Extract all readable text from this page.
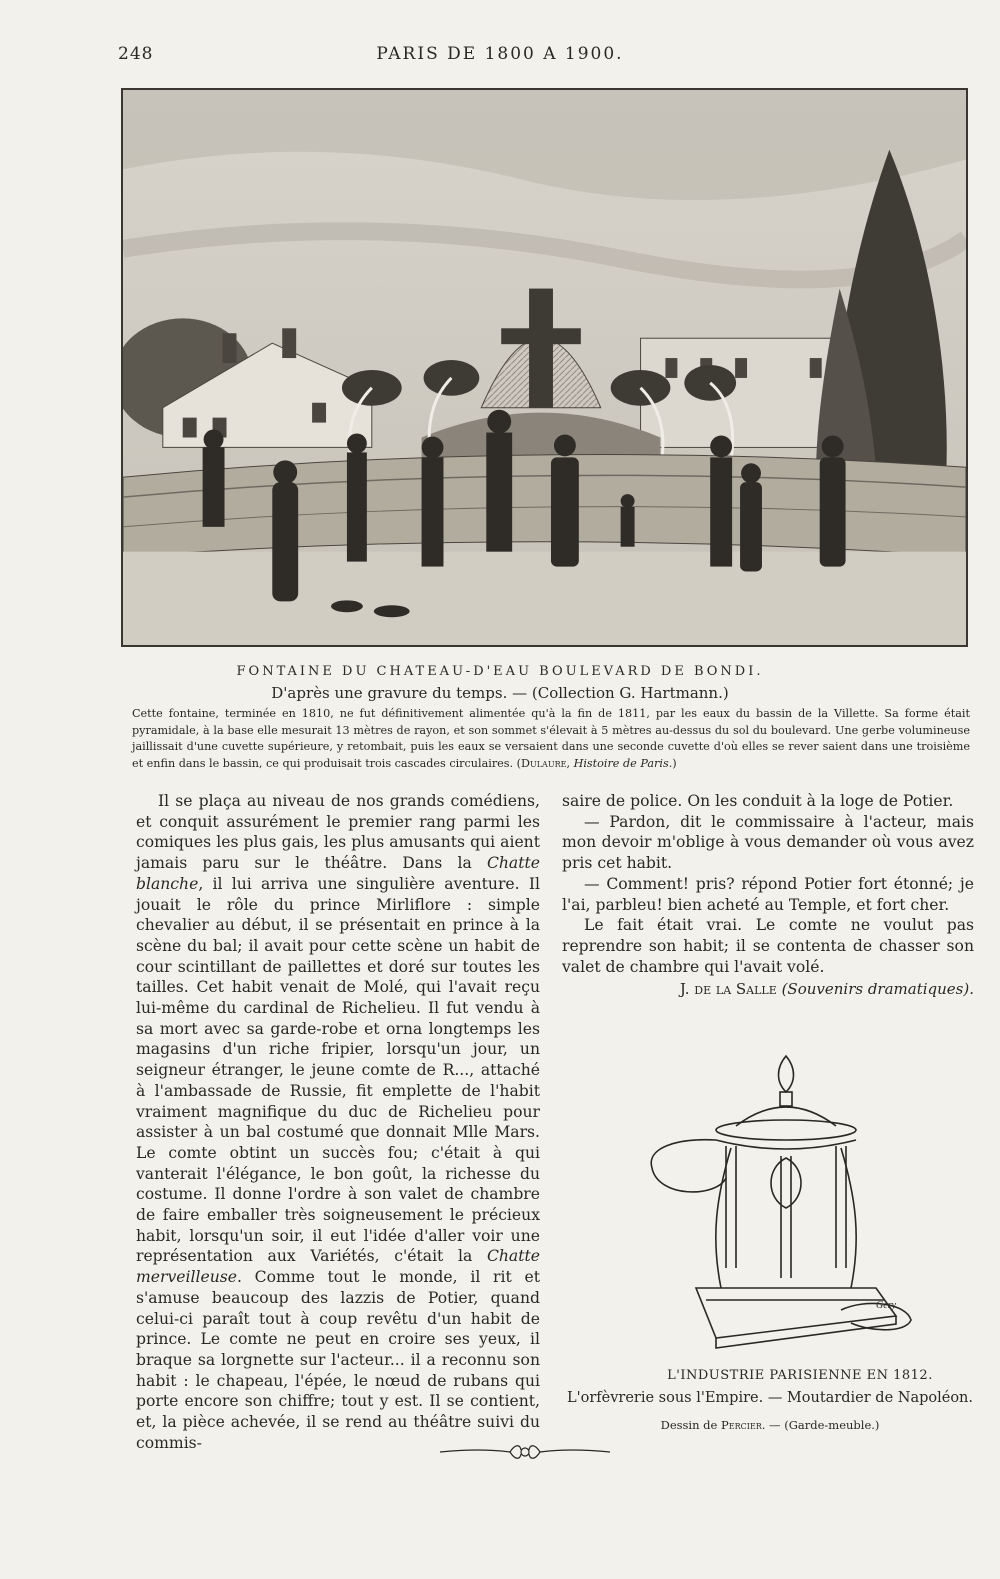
248	PARIS DE 1800 A 1900.
FONTAINE DU CHATEAU-D'EAU BOULEVARD DE BONDI.
D'après une gravure du temps. — (Collection G. Hartmann.)
Cette fontaine, terminée en 1810, ne fut définitivement alimentée qu'à la fin de 1811, par les eaux du bassin de la Villette. Sa forme était pyramidale, à la base elle mesurait 13 mètres de rayon, et son sommet s'élevait à 5 mètres au-dessus du sol du boulevard. Une gerbe volumineuse jaillissait d'une cuvette supérieure, y retombait, puis les eaux se versaient dans une seconde cuvette d'où elles se rever saient dans une troisième et enfin dans le bassin, ce qui produisait trois cascades circulaires. (Dulaure, Histoire de Paris.)

Il se plaça au niveau de nos grands comédiens, et conquit assurément le premier rang parmi les comiques les plus gais, les plus amusants qui aient jamais paru sur le théâtre. Dans la Chatte blanche, il lui arriva une singulière aventure. Il jouait le rôle du prince Mirliflore : simple chevalier au début, il se présentait en prince à la scène du bal; il avait pour cette scène un habit de cour scintillant de paillettes et doré sur toutes les tailles. Cet habit venait de Molé, qui l'avait reçu lui-même du cardinal de Richelieu. Il fut vendu à sa mort avec sa garde-robe et orna longtemps les magasins d'un riche fripier, lorsqu'un jour, un seigneur étranger, le jeune comte de R..., attaché à l'ambassade de Russie, fit emplette de l'habit vraiment magnifique du duc de Richelieu pour assister à un bal costumé que donnait Mlle Mars. Le comte obtint un succès fou; c'était à qui vanterait l'élégance, le bon goût, la richesse du costume. Il donne l'ordre à son valet de chambre de faire emballer très soigneusement le précieux habit, lorsqu'un soir, il eut l'idée d'aller voir une représentation aux Variétés, c'était la Chatte merveilleuse. Comme tout le monde, il rit et s'amuse beaucoup des lazzis de Potier, quand celui-ci paraît tout à coup revêtu d'un habit de prince. Le comte ne peut en croire ses yeux, il braque sa lorgnette sur l'acteur... il a reconnu son habit : le chapeau, l'épée, le nœud de rubans qui porte encore son chiffre; tout y est. Il se contient, et, la pièce achevée, il se rend au théâtre suivi du commis-

saire de police. On les conduit à la loge de Potier.

— Pardon, dit le commissaire à l'acteur, mais mon devoir m'oblige à vous demander où vous avez pris cet habit.

— Comment! pris? répond Potier fort étonné; je l'ai, parbleu! bien acheté au Temple, et fort cher.

Le fait était vrai. Le comte ne voulut pas reprendre son habit; il se contenta de chasser son valet de chambre qui l'avait volé.

J. de la Salle (Souvenirs dramatiques).
Gery
L'INDUSTRIE PARISIENNE EN 1812.
L'orfèvrerie sous l'Empire. — Moutardier de Napoléon.
Dessin de Percier. — (Garde-meuble.)
